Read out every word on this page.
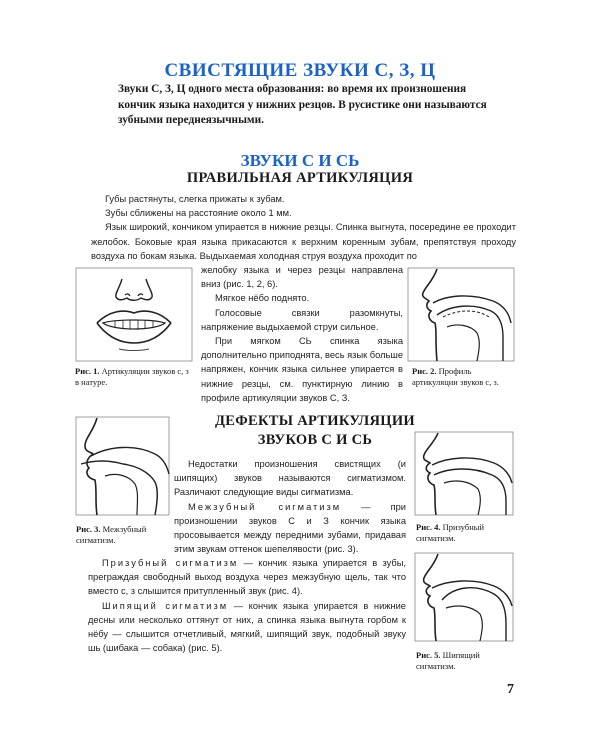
СВИСТЯЩИЕ ЗВУКИ С, З, Ц
Звуки С, З, Ц одного места образования: во время их произношения кончик языка находится у нижних резцов. В русистике они называются зубными переднеязычными.
ЗВУКИ С И СЬ
ПРАВИЛЬНАЯ АРТИКУЛЯЦИЯ

Губы растянуты, слегка прижаты к зубам.

Зубы сближены на расстояние около 1 мм.

Язык широкий, кончиком упирается в нижние резцы. Спинка выгнута, посередине ее проходит желобок. Боковые края языка прикасаются к верхним коренным зубам, препятствуя проходу воздуха по бокам языка. Выдыхаемая холодная струя воздуха проходит по

желобку языка и через резцы направлена вниз (рис. 1, 2, 6).

Мягкое нёбо поднято.

Голосовые связки разомкнуты, напряжение выдыхаемой струи сильное.

При мягком СЬ спинка языка дополнительно приподнята, весь язык больше напряжен, кончик языка сильнее упирается в нижние резцы, см. пунктирную линию в профиле артикуляции звуков С, З.

Рис. 1. Артикуляции звуков с, з в натуре.
Рис. 2. Профиль артикуляции звуков с, з.
ДЕФЕКТЫ АРТИКУЛЯЦИИ
ЗВУКОВ С И СЬ

Недостатки произношения свистящих (и шипящих) звуков называются сигматизмом. Различают следующие виды сигматизма.

Межзубный сигматизм — при произношении звуков С и З кончик языка просовывается между передними зубами, придавая этим звукам оттенок шепелявости (рис. 3).

Призубный сигматизм — кончик языка упирается в зубы, преграждая свободный выход воздуха через межзубную щель, так что вместо с, з слышится притупленный звук (рис. 4).

Шипящий сигматизм — кончик языка упирается в нижние десны или несколько оттянут от них, а спинка языка выгнута горбом к нёбу — слышится отчетливый, мягкий, шипящий звук, подобный звуку шь (шибака — собака) (рис. 5).

Рис. 3. Межзубный сигматизм.
Рис. 4. Призубный сигматизм.
Рис. 5. Шипящий сигматизм.
7
